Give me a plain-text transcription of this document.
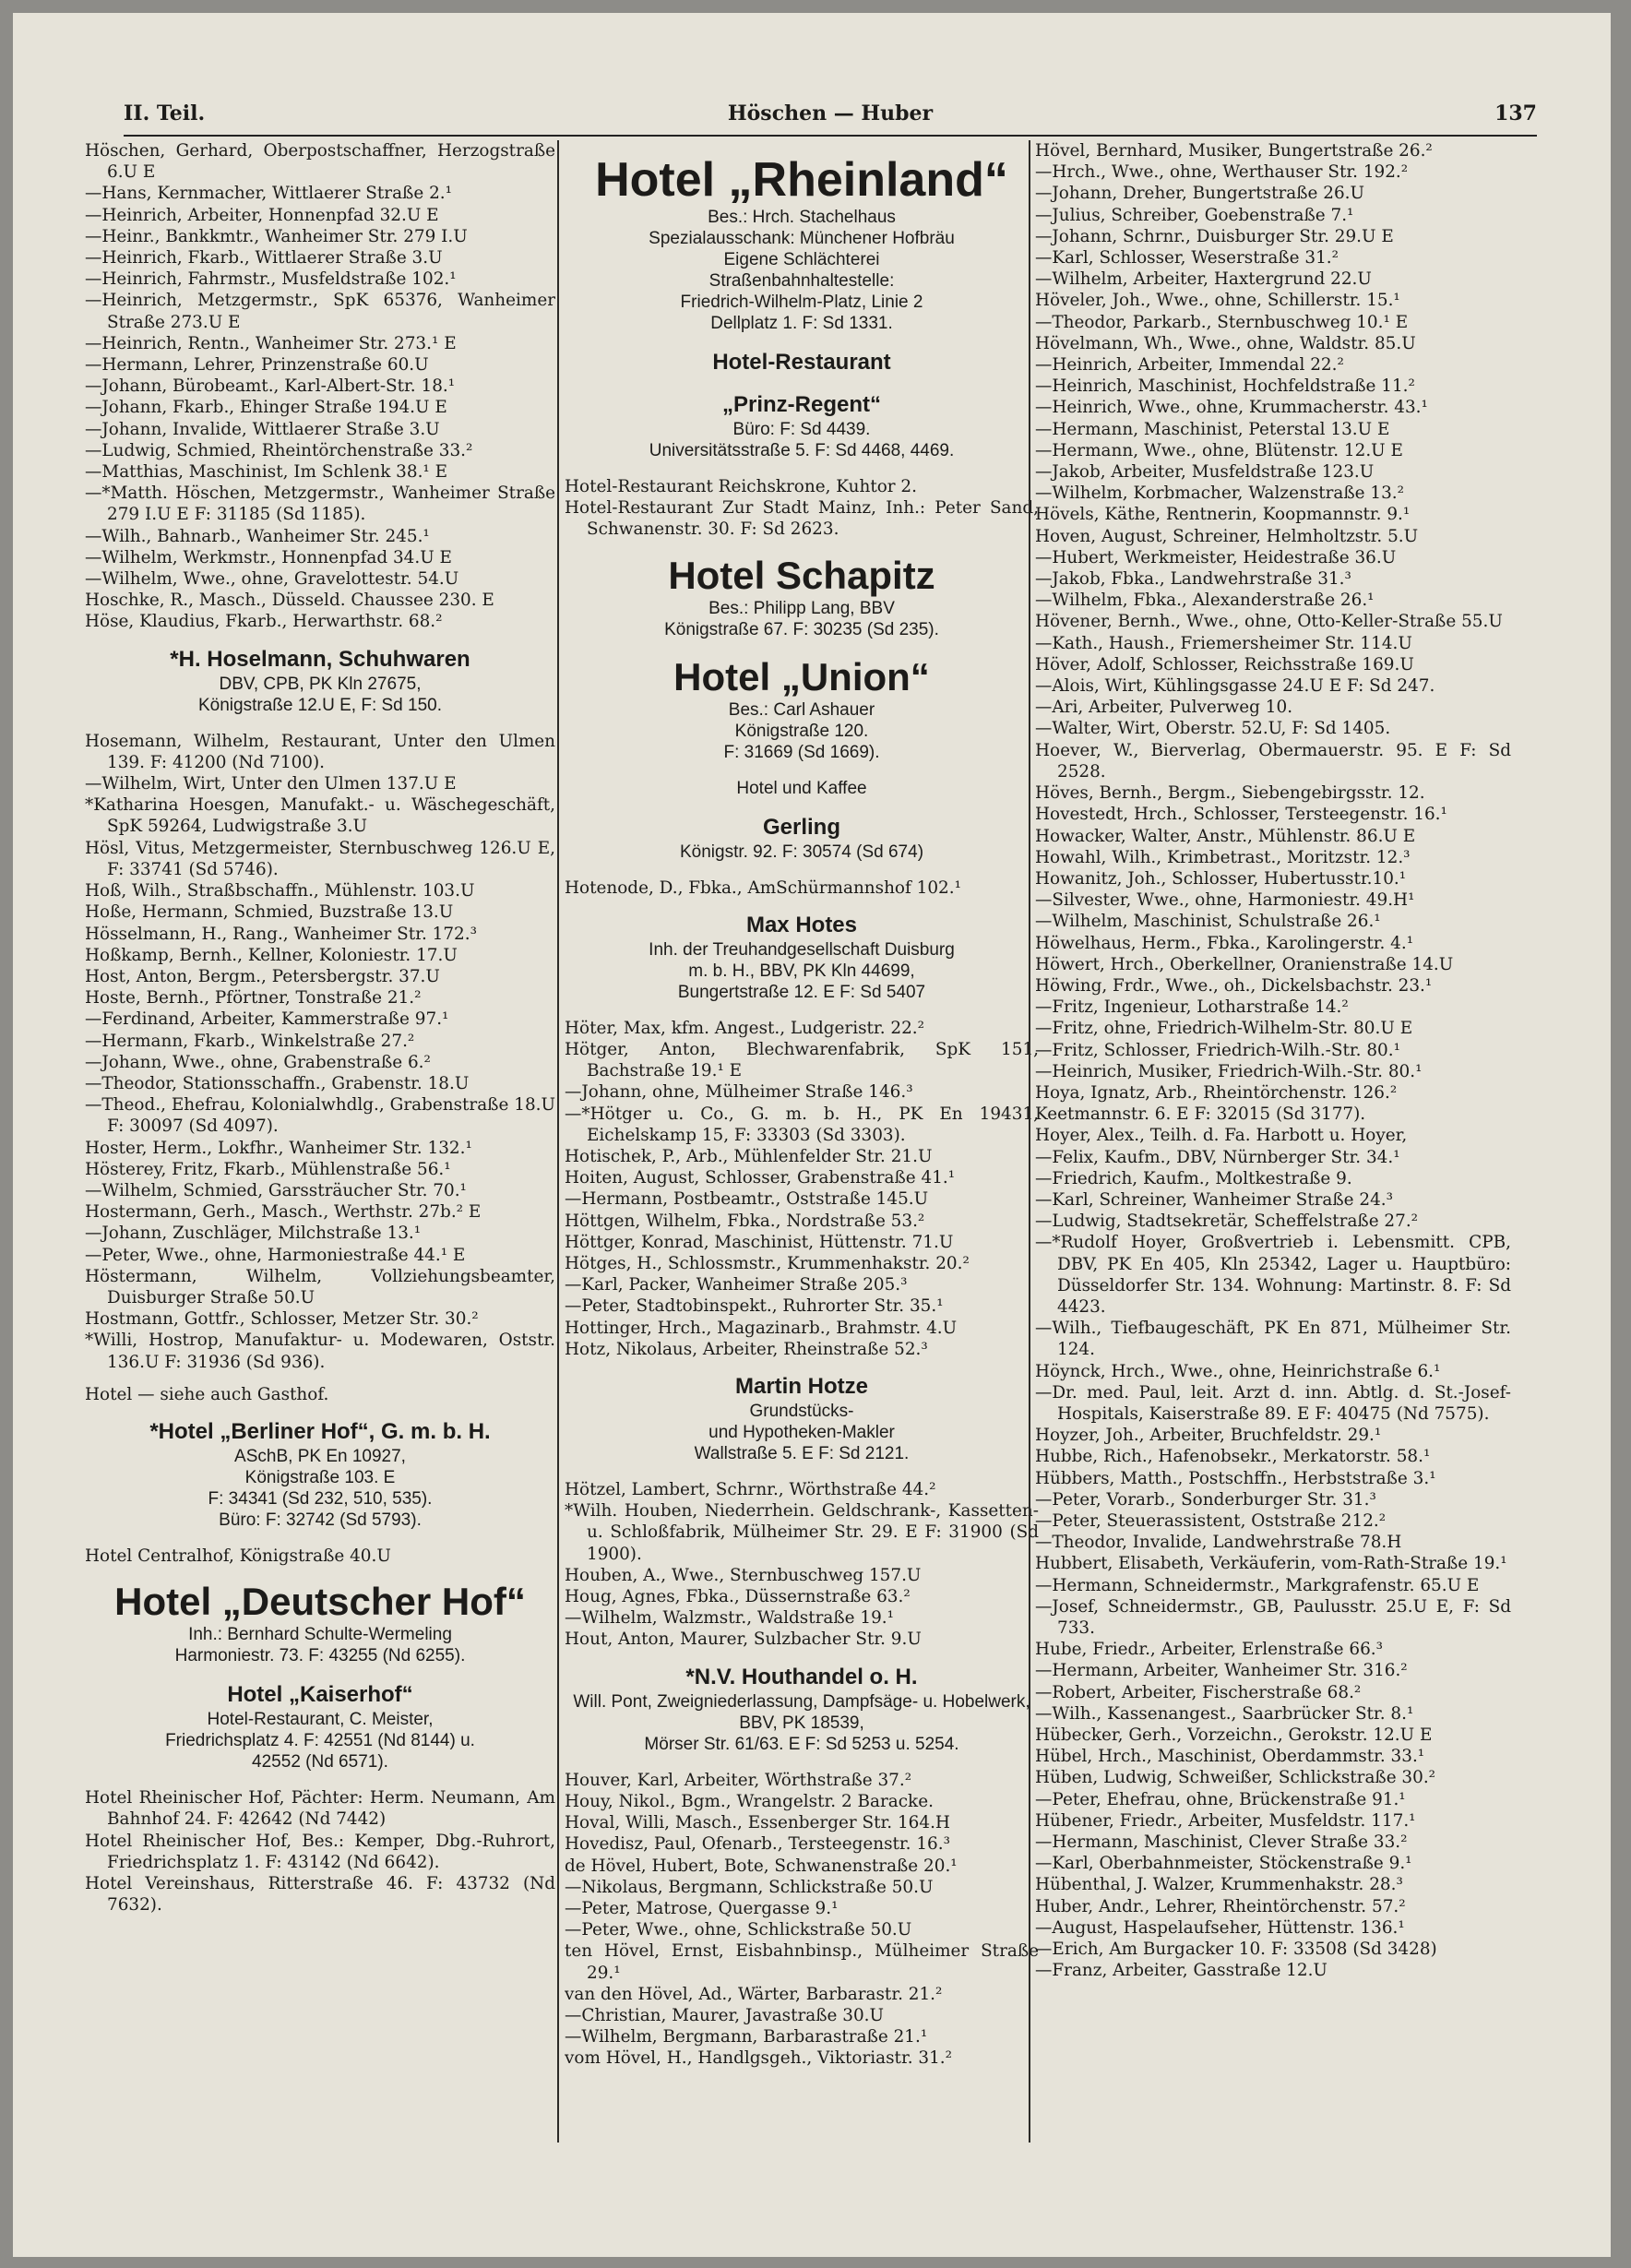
II. Teil.	Höschen — Huber	137
Höschen, Gerhard, Oberpostschaffner, Herzogstraße 6.U E
—Hans, Kernmacher, Wittlaerer Straße 2.¹
—Heinrich, Arbeiter, Honnenpfad 32.U E
—Heinr., Bankkmtr., Wanheimer Str. 279 I.U
—Heinrich, Fkarb., Wittlaerer Straße 3.U
—Heinrich, Fahrmstr., Musfeldstraße 102.¹
—Heinrich, Metzgermstr., SpK 65376, Wanheimer Straße 273.U E
—Heinrich, Rentn., Wanheimer Str. 273.¹ E
—Hermann, Lehrer, Prinzenstraße 60.U
—Johann, Bürobeamt., Karl-Albert-Str. 18.¹
—Johann, Fkarb., Ehinger Straße 194.U E
—Johann, Invalide, Wittlaerer Straße 3.U
—Ludwig, Schmied, Rheintörchenstraße 33.²
—Matthias, Maschinist, Im Schlenk 38.¹ E
—*Matth. Höschen, Metzgermstr., Wanheimer Straße 279 I.U E F: 31185 (Sd 1185).
—Wilh., Bahnarb., Wanheimer Str. 245.¹
—Wilhelm, Werkmstr., Honnenpfad 34.U E
—Wilhelm, Wwe., ohne, Gravelottestr. 54.U
Hoschke, R., Masch., Düsseld. Chaussee 230. E
Höse, Klaudius, Fkarb., Herwarthstr. 68.²
*H. Hoselmann, Schuhwaren
DBV, CPB, PK Kln 27675,
Königstraße 12.U E, F: Sd 150.
Hosemann, Wilhelm, Restaurant, Unter den Ulmen 139. F: 41200 (Nd 7100).
—Wilhelm, Wirt, Unter den Ulmen 137.U E
*Katharina Hoesgen, Manufakt.- u. Wäschegeschäft, SpK 59264, Ludwigstraße 3.U
Hösl, Vitus, Metzgermeister, Sternbuschweg 126.U E, F: 33741 (Sd 5746).
Hoß, Wilh., Straßbschaffn., Mühlenstr. 103.U
Hoße, Hermann, Schmied, Buzstraße 13.U
Hösselmann, H., Rang., Wanheimer Str. 172.³
Hoßkamp, Bernh., Kellner, Koloniestr. 17.U
Host, Anton, Bergm., Petersbergstr. 37.U
Hoste, Bernh., Pförtner, Tonstraße 21.²
—Ferdinand, Arbeiter, Kammerstraße 97.¹
—Hermann, Fkarb., Winkelstraße 27.²
—Johann, Wwe., ohne, Grabenstraße 6.²
—Theodor, Stationsschaffn., Grabenstr. 18.U
—Theod., Ehefrau, Kolonialwhdlg., Grabenstraße 18.U F: 30097 (Sd 4097).
Hoster, Herm., Lokfhr., Wanheimer Str. 132.¹
Hösterey, Fritz, Fkarb., Mühlenstraße 56.¹
—Wilhelm, Schmied, Garssträucher Str. 70.¹
Hostermann, Gerh., Masch., Werthstr. 27b.² E
—Johann, Zuschläger, Milchstraße 13.¹
—Peter, Wwe., ohne, Harmoniestraße 44.¹ E
Höstermann, Wilhelm, Vollziehungsbeamter, Duisburger Straße 50.U
Hostmann, Gottfr., Schlosser, Metzer Str. 30.²
*Willi, Hostrop, Manufaktur- u. Modewaren, Oststr. 136.U F: 31936 (Sd 936).
Hotel — siehe auch Gasthof.
*Hotel „Berliner Hof“, G. m. b. H.
ASchB, PK En 10927,
Königstraße 103. E
F: 34341 (Sd 232, 510, 535).
Büro: F: 32742 (Sd 5793).
Hotel Centralhof, Königstraße 40.U
Hotel „Deutscher Hof“
Inh.: Bernhard Schulte-Wermeling
Harmoniestr. 73. F: 43255 (Nd 6255).
Hotel „Kaiserhof“
Hotel-Restaurant, C. Meister,
Friedrichsplatz 4. F: 42551 (Nd 8144) u.
42552 (Nd 6571).
Hotel Rheinischer Hof, Pächter: Herm. Neumann, Am Bahnhof 24. F: 42642 (Nd 7442)
Hotel Rheinischer Hof, Bes.: Kemper, Dbg.-Ruhrort, Friedrichsplatz 1. F: 43142 (Nd 6642).
Hotel Vereinshaus, Ritterstraße 46. F: 43732 (Nd 7632).
Hotel „Rheinland“
Bes.: Hrch. Stachelhaus
Spezialausschank: Münchener Hofbräu
Eigene Schlächterei
Straßenbahnhaltestelle:
Friedrich-Wilhelm-Platz, Linie 2
Dellplatz 1. F: Sd 1331.
Hotel-Restaurant
„Prinz-Regent“
Büro: F: Sd 4439.
Universitätsstraße 5. F: Sd 4468, 4469.
Hotel-Restaurant Reichskrone, Kuhtor 2.
Hotel-Restaurant Zur Stadt Mainz, Inh.: Peter Sand, Schwanenstr. 30. F: Sd 2623.
Hotel Schapitz
Bes.: Philipp Lang, BBV
Königstraße 67. F: 30235 (Sd 235).
Hotel „Union“
Bes.: Carl Ashauer
Königstraße 120.
F: 31669 (Sd 1669).
Hotel und Kaffee
Gerling
Königstr. 92. F: 30574 (Sd 674)
Hotenode, D., Fbka., AmSchürmannshof 102.¹
Max Hotes
Inh. der Treuhandgesellschaft Duisburg
m. b. H., BBV, PK Kln 44699,
Bungertstraße 12. E F: Sd 5407
Höter, Max, kfm. Angest., Ludgeristr. 22.²
Hötger, Anton, Blechwarenfabrik, SpK 151, Bachstraße 19.¹ E
—Johann, ohne, Mülheimer Straße 146.³
—*Hötger u. Co., G. m. b. H., PK En 19431, Eichelskamp 15, F: 33303 (Sd 3303).
Hotischek, P., Arb., Mühlenfelder Str. 21.U
Hoiten, August, Schlosser, Grabenstraße 41.¹
—Hermann, Postbeamtr., Oststraße 145.U
Höttgen, Wilhelm, Fbka., Nordstraße 53.²
Höttger, Konrad, Maschinist, Hüttenstr. 71.U
Hötges, H., Schlossmstr., Krummenhakstr. 20.²
—Karl, Packer, Wanheimer Straße 205.³
—Peter, Stadtobinspekt., Ruhrorter Str. 35.¹
Hottinger, Hrch., Magazinarb., Brahmstr. 4.U
Hotz, Nikolaus, Arbeiter, Rheinstraße 52.³
Martin Hotze
Grundstücks-
und Hypotheken-Makler
Wallstraße 5. E F: Sd 2121.
Hötzel, Lambert, Schrnr., Wörthstraße 44.²
*Wilh. Houben, Niederrhein. Geldschrank-, Kassetten- u. Schloßfabrik, Mülheimer Str. 29. E F: 31900 (Sd 1900).
Houben, A., Wwe., Sternbuschweg 157.U
Houg, Agnes, Fbka., Düssernstraße 63.²
—Wilhelm, Walzmstr., Waldstraße 19.¹
Hout, Anton, Maurer, Sulzbacher Str. 9.U
*N.V. Houthandel o. H.
Will. Pont, Zweigniederlassung, Dampfsäge- u. Hobelwerk, BBV, PK 18539,
Mörser Str. 61/63. E F: Sd 5253 u. 5254.
Houver, Karl, Arbeiter, Wörthstraße 37.²
Houy, Nikol., Bgm., Wrangelstr. 2 Baracke.
Hoval, Willi, Masch., Essenberger Str. 164.H
Hovedisz, Paul, Ofenarb., Tersteegenstr. 16.³
de Hövel, Hubert, Bote, Schwanenstraße 20.¹
—Nikolaus, Bergmann, Schlickstraße 50.U
—Peter, Matrose, Quergasse 9.¹
—Peter, Wwe., ohne, Schlickstraße 50.U
ten Hövel, Ernst, Eisbahnbinsp., Mülheimer Straße 29.¹
van den Hövel, Ad., Wärter, Barbarastr. 21.²
—Christian, Maurer, Javastraße 30.U
—Wilhelm, Bergmann, Barbarastraße 21.¹
vom Hövel, H., Handlgsgeh., Viktoriastr. 31.²
Hövel, Bernhard, Musiker, Bungertstraße 26.²
—Hrch., Wwe., ohne, Werthauser Str. 192.²
—Johann, Dreher, Bungertstraße 26.U
—Julius, Schreiber, Goebenstraße 7.¹
—Johann, Schrnr., Duisburger Str. 29.U E
—Karl, Schlosser, Weserstraße 31.²
—Wilhelm, Arbeiter, Haxtergrund 22.U
Höveler, Joh., Wwe., ohne, Schillerstr. 15.¹
—Theodor, Parkarb., Sternbuschweg 10.¹ E
Hövelmann, Wh., Wwe., ohne, Waldstr. 85.U
—Heinrich, Arbeiter, Immendal 22.²
—Heinrich, Maschinist, Hochfeldstraße 11.²
—Heinrich, Wwe., ohne, Krummacherstr. 43.¹
—Hermann, Maschinist, Peterstal 13.U E
—Hermann, Wwe., ohne, Blütenstr. 12.U E
—Jakob, Arbeiter, Musfeldstraße 123.U
—Wilhelm, Korbmacher, Walzenstraße 13.²
Hövels, Käthe, Rentnerin, Koopmannstr. 9.¹
Hoven, August, Schreiner, Helmholtzstr. 5.U
—Hubert, Werkmeister, Heidestraße 36.U
—Jakob, Fbka., Landwehrstraße 31.³
—Wilhelm, Fbka., Alexanderstraße 26.¹
Hövener, Bernh., Wwe., ohne, Otto-Keller-Straße 55.U
—Kath., Haush., Friemersheimer Str. 114.U
Höver, Adolf, Schlosser, Reichsstraße 169.U
—Alois, Wirt, Kühlingsgasse 24.U E F: Sd 247.
—Ari, Arbeiter, Pulverweg 10.
—Walter, Wirt, Oberstr. 52.U, F: Sd 1405.
Hoever, W., Bierverlag, Obermauerstr. 95. E F: Sd 2528.
Höves, Bernh., Bergm., Siebengebirgsstr. 12.
Hovestedt, Hrch., Schlosser, Tersteegenstr. 16.¹
Howacker, Walter, Anstr., Mühlenstr. 86.U E
Howahl, Wilh., Krimbetrast., Moritzstr. 12.³
Howanitz, Joh., Schlosser, Hubertusstr.10.¹
—Silvester, Wwe., ohne, Harmoniestr. 49.H¹
—Wilhelm, Maschinist, Schulstraße 26.¹
Höwelhaus, Herm., Fbka., Karolingerstr. 4.¹
Höwert, Hrch., Oberkellner, Oranienstraße 14.U
Höwing, Frdr., Wwe., oh., Dickelsbachstr. 23.¹
—Fritz, Ingenieur, Lotharstraße 14.²
—Fritz, ohne, Friedrich-Wilhelm-Str. 80.U E
—Fritz, Schlosser, Friedrich-Wilh.-Str. 80.¹
—Heinrich, Musiker, Friedrich-Wilh.-Str. 80.¹
Hoya, Ignatz, Arb., Rheintörchenstr. 126.²
Keetmannstr. 6. E F: 32015 (Sd 3177).
Hoyer, Alex., Teilh. d. Fa. Harbott u. Hoyer,
—Felix, Kaufm., DBV, Nürnberger Str. 34.¹
—Friedrich, Kaufm., Moltkestraße 9.
—Karl, Schreiner, Wanheimer Straße 24.³
—Ludwig, Stadtsekretär, Scheffelstraße 27.²
—*Rudolf Hoyer, Großvertrieb i. Lebensmitt. CPB, DBV, PK En 405, Kln 25342, Lager u. Hauptbüro: Düsseldorfer Str. 134. Wohnung: Martinstr. 8. F: Sd 4423.
—Wilh., Tiefbaugeschäft, PK En 871, Mülheimer Str. 124.
Höynck, Hrch., Wwe., ohne, Heinrichstraße 6.¹
—Dr. med. Paul, leit. Arzt d. inn. Abtlg. d. St.-Josef-Hospitals, Kaiserstraße 89. E F: 40475 (Nd 7575).
Hoyzer, Joh., Arbeiter, Bruchfeldstr. 29.¹
Hubbe, Rich., Hafenobsekr., Merkatorstr. 58.¹
Hübbers, Matth., Postschffn., Herbststraße 3.¹
—Peter, Vorarb., Sonderburger Str. 31.³
—Peter, Steuerassistent, Oststraße 212.²
—Theodor, Invalide, Landwehrstraße 78.H
Hubbert, Elisabeth, Verkäuferin, vom-Rath-Straße 19.¹
—Hermann, Schneidermstr., Markgrafenstr. 65.U E
—Josef, Schneidermstr., GB, Paulusstr. 25.U E, F: Sd 733.
Hube, Friedr., Arbeiter, Erlenstraße 66.³
—Hermann, Arbeiter, Wanheimer Str. 316.²
—Robert, Arbeiter, Fischerstraße 68.²
—Wilh., Kassenangest., Saarbrücker Str. 8.¹
Hübecker, Gerh., Vorzeichn., Gerokstr. 12.U E
Hübel, Hrch., Maschinist, Oberdammstr. 33.¹
Hüben, Ludwig, Schweißer, Schlickstraße 30.²
—Peter, Ehefrau, ohne, Brückenstraße 91.¹
Hübener, Friedr., Arbeiter, Musfeldstr. 117.¹
—Hermann, Maschinist, Clever Straße 33.²
—Karl, Oberbahnmeister, Stöckenstraße 9.¹
Hübenthal, J. Walzer, Krummenhakstr. 28.³
Huber, Andr., Lehrer, Rheintörchenstr. 57.²
—August, Haspelaufseher, Hüttenstr. 136.¹
—Erich, Am Burgacker 10. F: 33508 (Sd 3428)
—Franz, Arbeiter, Gasstraße 12.U
